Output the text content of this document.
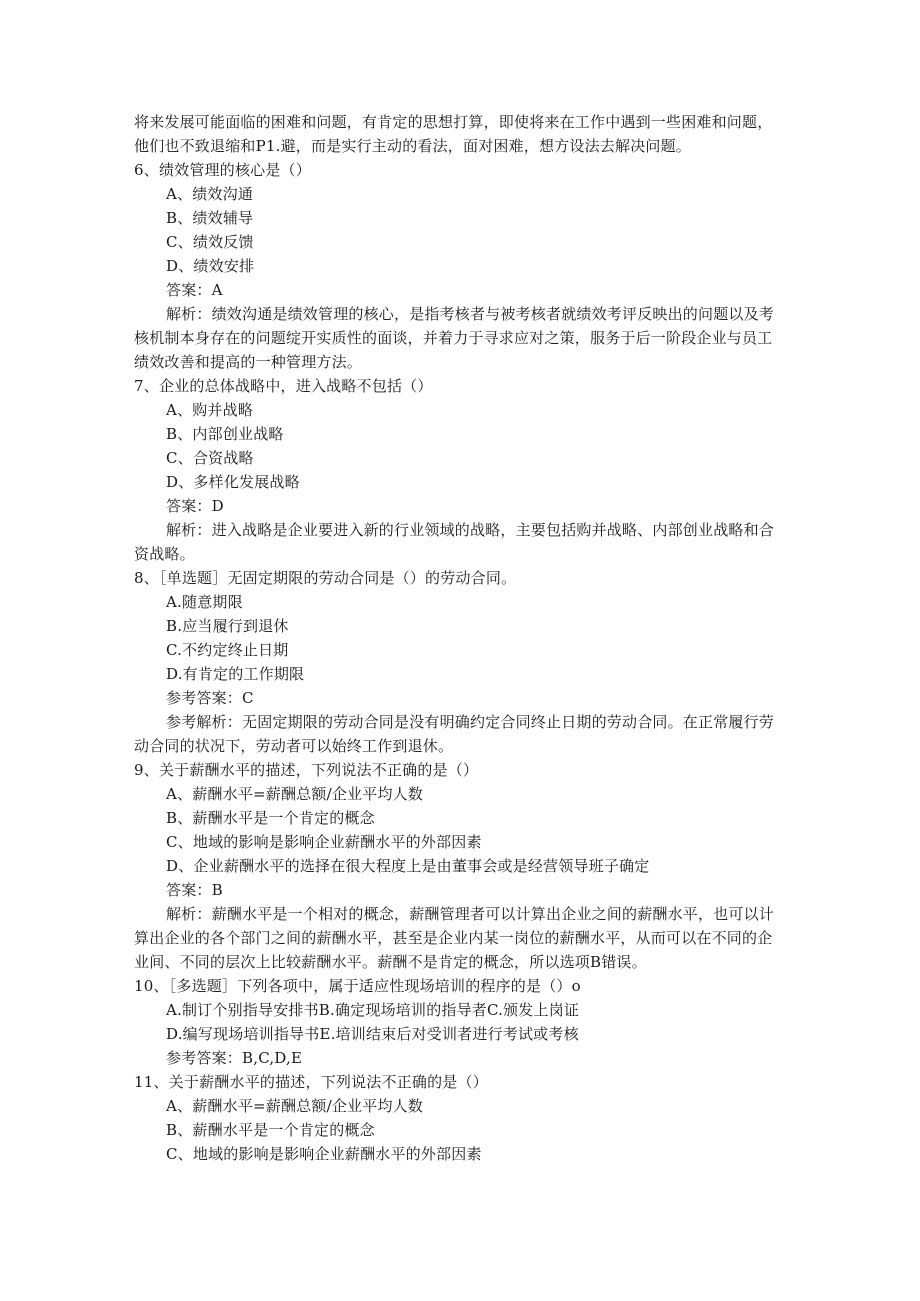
将来发展可能面临的困难和问题，有肯定的思想打算，即使将来在工作中遇到一些困难和问题，
他们也不致退缩和P1.避，而是实行主动的看法，面对困难，想方设法去解决问题。
6、绩效管理的核心是（）
A、绩效沟通
B、绩效辅导
C、绩效反馈
D、绩效安排
答案：A
解析：绩效沟通是绩效管理的核心，是指考核者与被考核者就绩效考评反映出的问题以及考
核机制本身存在的问题绽开实质性的面谈，并着力于寻求应对之策，服务于后一阶段企业与员工
绩效改善和提高的一种管理方法。
7、企业的总体战略中，进入战略不包括（）
A、购并战略
B、内部创业战略
C、合资战略
D、多样化发展战略
答案：D
解析：进入战略是企业要进入新的行业领域的战略，主要包括购并战略、内部创业战略和合
资战略。
8、［单选题］无固定期限的劳动合同是（）的劳动合同。
A.随意期限
B.应当履行到退休
C.不约定终止日期
D.有肯定的工作期限
参考答案：C
参考解析：无固定期限的劳动合同是没有明确约定合同终止日期的劳动合同。在正常履行劳
动合同的状况下，劳动者可以始终工作到退休。
9、关于薪酬水平的描述，下列说法不正确的是（）
A、薪酬水平=薪酬总额/企业平均人数
B、薪酬水平是一个肯定的概念
C、地域的影响是影响企业薪酬水平的外部因素
D、企业薪酬水平的选择在很大程度上是由董事会或是经营领导班子确定
答案：B
解析：薪酬水平是一个相对的概念，薪酬管理者可以计算出企业之间的薪酬水平，也可以计
算出企业的各个部门之间的薪酬水平，甚至是企业内某一岗位的薪酬水平，从而可以在不同的企
业间、不同的层次上比较薪酬水平。薪酬不是肯定的概念，所以选项B错误。
10、［多选题］下列各项中，属于适应性现场培训的程序的是（）o
A.制订个别指导安排书B.确定现场培训的指导者C.颁发上岗证
D.编写现场培训指导书E.培训结束后对受训者进行考试或考核
参考答案：B,C,D,E
11、关于薪酬水平的描述，下列说法不正确的是（）
A、薪酬水平=薪酬总额/企业平均人数
B、薪酬水平是一个肯定的概念
C、地域的影响是影响企业薪酬水平的外部因素
